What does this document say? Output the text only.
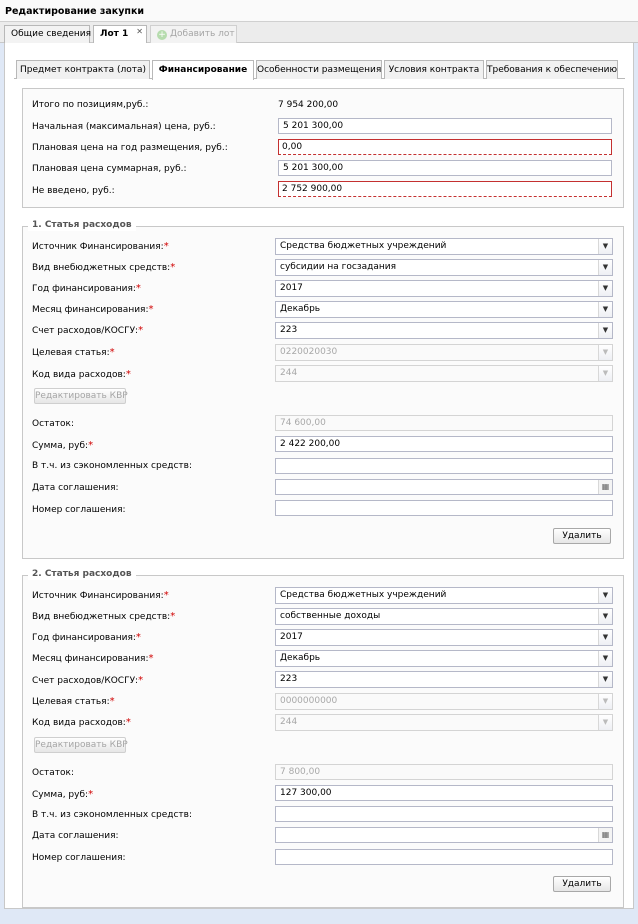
Редактирование закупки
Общие сведения Лот 1 ✕	+ Добавить лот
Предмет контракта (лота)	Финансирование	Особенности размещения Условия контракта Требования к обеспечению
Итого по позициям,руб.:	7 954 200,00
Начальная (максимальная) цена, руб.:	5 201 300,00
Плановая цена на год размещения, руб.:	0,00
Плановая цена суммарная, руб.:	5 201 300,00
Не введено, руб.:	2 752 900,00
1. Статья расходов
Источник Финансирования:*	Средства бюджетных учреждений	▼
Вид внебюджетных средств:*	субсидии на госзадания	▼
Год финансирования:*	2017	▼
Месяц финансирования:*	Декабрь	▼
Счет расходов/КОСГУ:*	223	▼
Целевая статья:*	0220020030	▼
Код вида расходов:*	244	▼
Редактировать КВР
Остаток:	74 600,00
Сумма, руб:*	2 422 200,00
В т.ч. из сэкономленных средств:
Дата соглашения:	▦
Номер соглашения:
Удалить
2. Статья расходов
Источник Финансирования:*	Средства бюджетных учреждений	▼
Вид внебюджетных средств:*	собственные доходы	▼
Год финансирования:*	2017	▼
Месяц финансирования:*	Декабрь	▼
Счет расходов/КОСГУ:*	223	▼
Целевая статья:*	0000000000	▼
Код вида расходов:*	244	▼
Редактировать КВР
Остаток:	7 800,00
Сумма, руб:*	127 300,00
В т.ч. из сэкономленных средств:
Дата соглашения:	▦
Номер соглашения:
Удалить
